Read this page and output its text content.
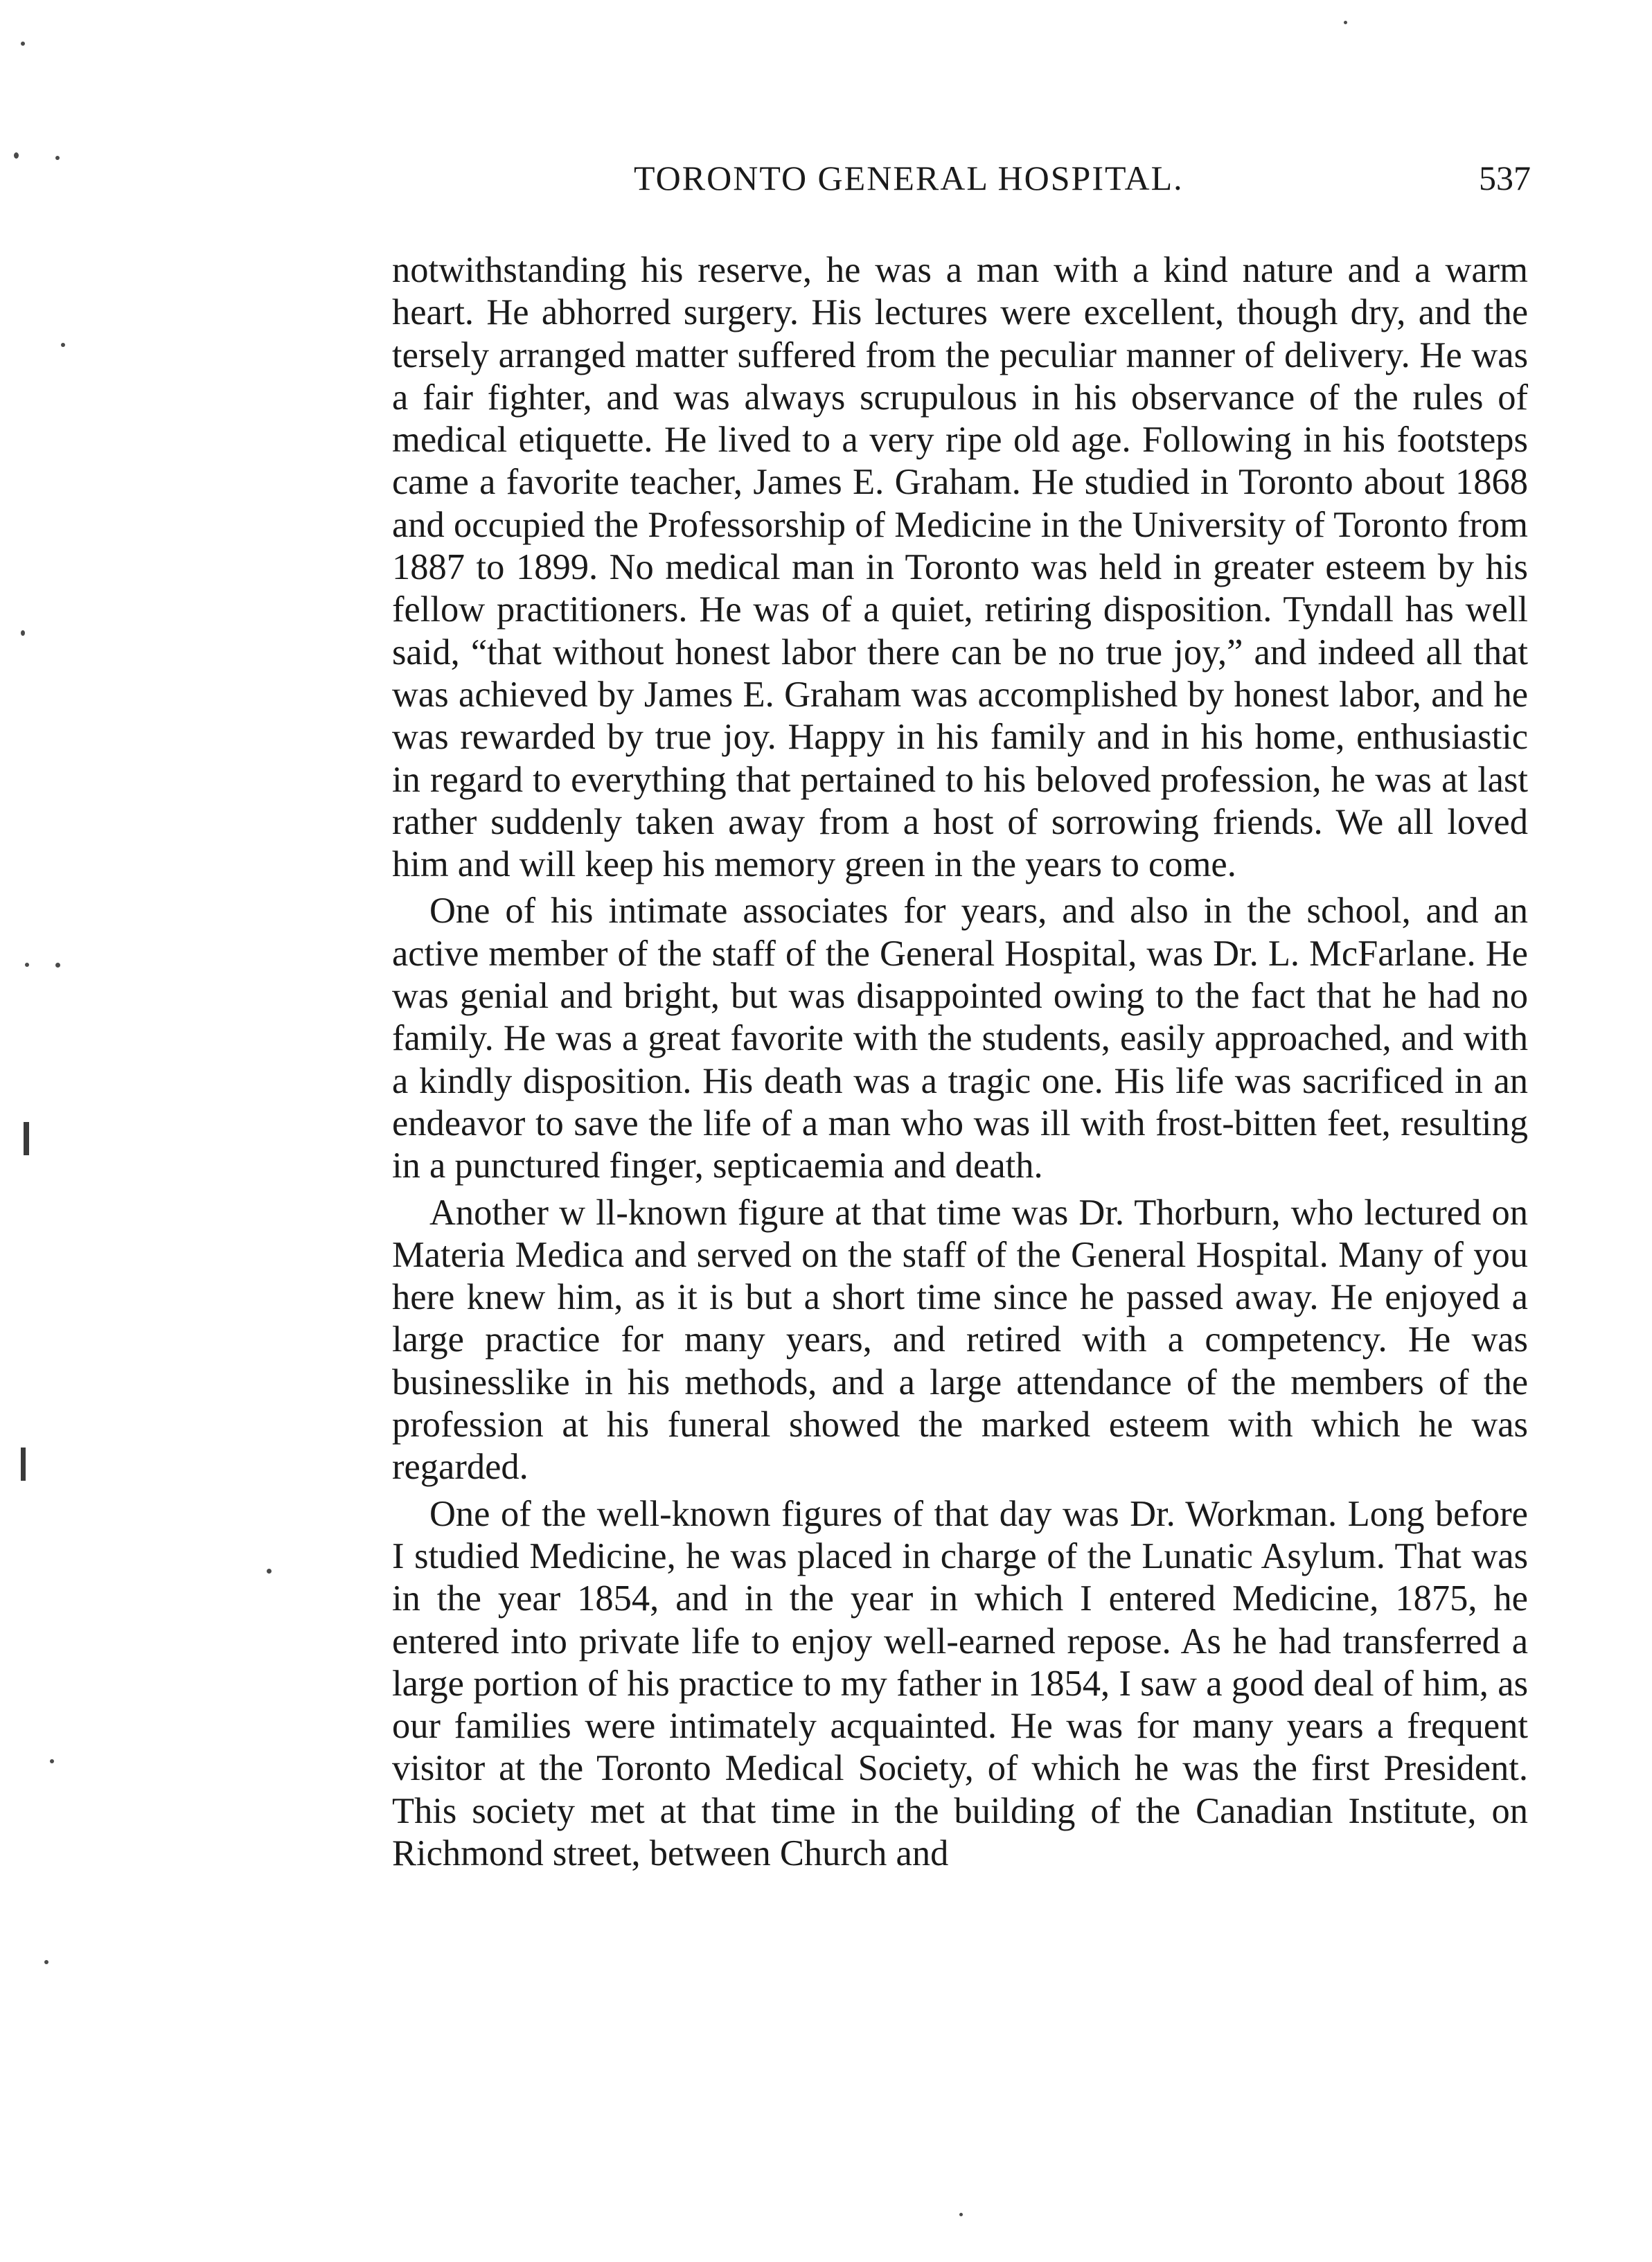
TORONTO GENERAL HOSPITAL.	537

notwithstanding his reserve, he was a man with a kind nature and a warm heart. He abhorred surgery. His lectures were excellent, though dry, and the tersely arranged matter suffered from the peculiar manner of delivery. He was a fair fighter, and was always scrupulous in his observance of the rules of medical etiquette. He lived to a very ripe old age. Following in his footsteps came a favorite teacher, James E. Graham. He studied in Toronto about 1868 and occupied the Professorship of Medicine in the University of Toronto from 1887 to 1899. No medical man in Toronto was held in greater esteem by his fellow practitioners. He was of a quiet, retiring disposition. Tyndall has well said, “that without honest labor there can be no true joy,” and indeed all that was achieved by James E. Graham was accomplished by honest labor, and he was rewarded by true joy. Happy in his family and in his home, enthusiastic in regard to everything that pertained to his beloved profession, he was at last rather suddenly taken away from a host of sorrowing friends. We all loved him and will keep his memory green in the years to come.

One of his intimate associates for years, and also in the school, and an active member of the staff of the General Hospital, was Dr. L. McFarlane. He was genial and bright, but was disappointed owing to the fact that he had no family. He was a great favorite with the students, easily approached, and with a kindly disposition. His death was a tragic one. His life was sacrificed in an endeavor to save the life of a man who was ill with frost-bitten feet, resulting in a punctured finger, septicaemia and death.

Another w ll-known figure at that time was Dr. Thorburn, who lectured on Materia Medica and served on the staff of the General Hospital. Many of you here knew him, as it is but a short time since he passed away. He enjoyed a large practice for many years, and retired with a competency. He was businesslike in his methods, and a large attendance of the members of the profession at his funeral showed the marked esteem with which he was regarded.

One of the well-known figures of that day was Dr. Workman. Long before I studied Medicine, he was placed in charge of the Lunatic Asylum. That was in the year 1854, and in the year in which I entered Medicine, 1875, he entered into private life to enjoy well-earned repose. As he had transferred a large portion of his practice to my father in 1854, I saw a good deal of him, as our families were intimately acquainted. He was for many years a frequent visitor at the Toronto Medical Society, of which he was the first President. This society met at that time in the building of the Canadian Institute, on Richmond street, between Church and
